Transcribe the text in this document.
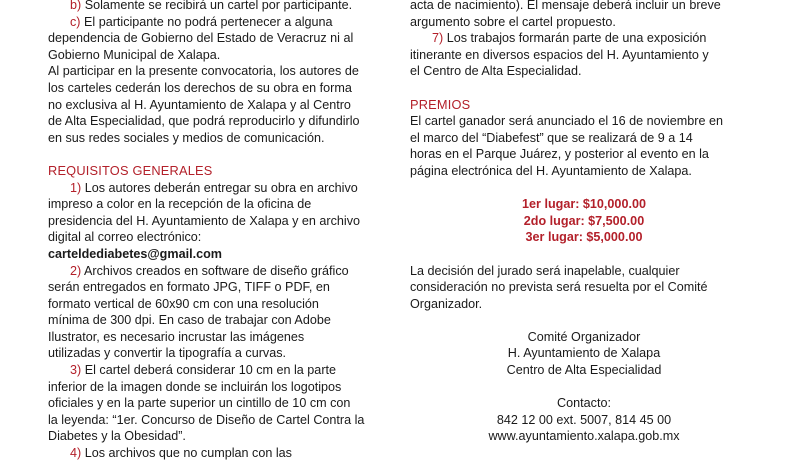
b) Solamente se recibirá un cartel por participante.
c) El participante no podrá pertenecer a alguna
dependencia de Gobierno del Estado de Veracruz ni al
Gobierno Municipal de Xalapa.
Al participar en la presente convocatoria, los autores de
los carteles cederán los derechos de su obra en forma
no exclusiva al H. Ayuntamiento de Xalapa y al Centro
de Alta Especialidad, que podrá reproducirlo y difundirlo
en sus redes sociales y medios de comunicación.
REQUISITOS GENERALES
1) Los autores deberán entregar su obra en archivo
impreso a color en la recepción de la oficina de
presidencia del H. Ayuntamiento de Xalapa y en archivo
digital al correo electrónico:
carteldediabetes@gmail.com
2) Archivos creados en software de diseño gráfico
serán entregados en formato JPG, TIFF o PDF, en
formato vertical de 60x90 cm con una resolución
mínima de 300 dpi. En caso de trabajar con Adobe
Ilustrator, es necesario incrustar las imágenes
utilizadas y convertir la tipografía a curvas.
3) El cartel deberá considerar 10 cm en la parte
inferior de la imagen donde se incluirán los logotipos
oficiales y en la parte superior un cintillo de 10 cm con
la leyenda: “1er. Concurso de Diseño de Cartel Contra la
Diabetes y la Obesidad”.
4) Los archivos que no cumplan con las
acta de nacimiento). El mensaje deberá incluir un breve
argumento sobre el cartel propuesto.
7) Los trabajos formarán parte de una exposición
itinerante en diversos espacios del H. Ayuntamiento y
el Centro de Alta Especialidad.
PREMIOS
El cartel ganador será anunciado el 16 de noviembre en
el marco del “Diabefest” que se realizará de 9 a 14
horas en el Parque Juárez, y posterior al evento en la
página electrónica del H. Ayuntamiento de Xalapa.
1er lugar: $10,000.00
2do lugar: $7,500.00
3er lugar: $5,000.00
La decisión del jurado será inapelable, cualquier
consideración no prevista será resuelta por el Comité
Organizador.
Comité Organizador
H. Ayuntamiento de Xalapa
Centro de Alta Especialidad
Contacto:
842 12 00 ext. 5007, 814 45 00
www.ayuntamiento.xalapa.gob.mx
